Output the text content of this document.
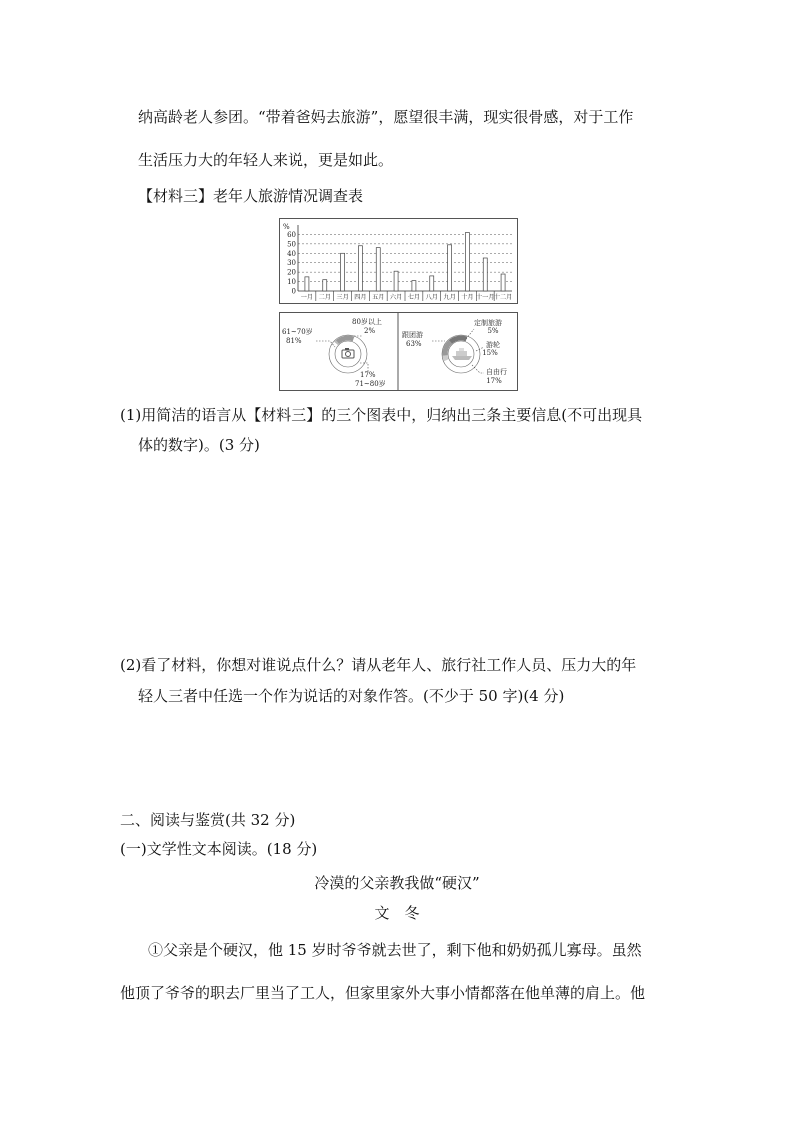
纳高龄老人参团。“带着爸妈去旅游”，愿望很丰满，现实很骨感，对于工作
生活压力大的年轻人来说，更是如此。
【材料三】老年人旅游情况调查表
%
0
10
20
30
40
50
60
一月 二月 三月 四月 五月 六月 七月 八月 九月 十月 十一月 十二月
61~70岁
81%
80岁以上
2%
17%
71~80岁
跟团游
63%
定制旅游
5%
游轮
15%
自由行
17%
(1)用简洁的语言从【材料三】的三个图表中，归纳出三条主要信息(不可出现具
体的数字)。(3 分)
(2)看了材料，你想对谁说点什么？请从老年人、旅行社工作人员、压力大的年
轻人三者中任选一个作为说话的对象作答。(不少于 50 字)(4 分)
二、阅读与鉴赏(共 32 分)
(一)文学性文本阅读。(18 分)
冷漠的父亲教我做“硬汉”
文　冬
①父亲是个硬汉，他 15 岁时爷爷就去世了，剩下他和奶奶孤儿寡母。虽然
他顶了爷爷的职去厂里当了工人，但家里家外大事小情都落在他单薄的肩上。他
